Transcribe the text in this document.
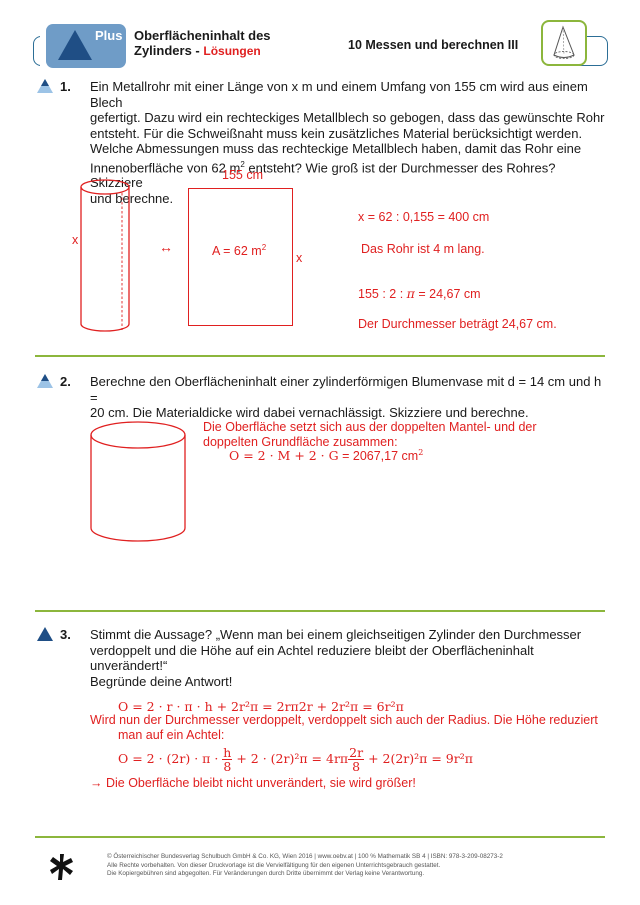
Plus Oberflächeninhalt des
Zylinders - Lösungen	10 Messen und berechnen III
1. Ein Metallrohr mit einer Länge von x m und einem Umfang von 155 cm wird aus einem Blech
gefertigt. Dazu wird ein rechteckiges Metallblech so gebogen, dass das gewünschte Rohr
entsteht. Für die Schweißnaht muss kein zusätzliches Material berücksichtigt werden.
Welche Abmessungen muss das rechteckige Metallblech haben, damit das Rohr eine
Innenoberfläche von 62 $m^2$ entsteht? Wie groß ist der Durchmesser des Rohres? Skizziere
und berechne.
x	↔
155 cm
A = 62 $m^2$
x
x = 62 : 0,155 = 400 cm
Das Rohr ist 4 m lang.
155 : 2 : π = 24,67 cm
Der Durchmesser beträgt 24,67 cm.
2. Berechne den Oberflächeninhalt einer zylinderförmigen Blumenvase mit d = 14 cm und h =
20 cm. Die Materialdicke wird dabei vernachlässigt. Skizziere und berechne.
Die Oberfläche setzt sich aus der doppelten Mantel- und der
doppelten Grundfläche zusammen:
O = 2 · M + 2 · G = 2067,17 $cm^2$
3. Stimmt die Aussage? „Wenn man bei einem gleichseitigen Zylinder den Durchmesser
verdoppelt und die Höhe auf ein Achtel reduziere bleibt der Oberflächeninhalt unverändert!“
Begründe deine Antwort!
O = 2 · r · π · h + 2r²π = 2rπ2r + 2r²π = 6r²π
Wird nun der Durchmesser verdoppelt, verdoppelt sich auch der Radius. Die Höhe reduziert
man auf ein Achtel:
$O = 2 \cdot (2r) \cdot \pi \cdot \frac{h}{8} + 2 \cdot (2r)^2\pi = 4r\pi \frac{2r}{8} + 2(2r)^2\pi = 9r^2\pi$
→ Die Oberfläche bleibt nicht unverändert, sie wird größer!
© Österreichischer Bundesverlag Schulbuch GmbH & Co. KG, Wien 2016 | www.oebv.at | 100 % Mathematik SB 4 | ISBN: 978-3-209-08273-2
Alle Rechte vorbehalten. Von dieser Druckvorlage ist die Vervielfältigung für den eigenen Unterrichtsgebrauch gestattet.
Die Kopiergebühren sind abgegolten. Für Veränderungen durch Dritte übernimmt der Verlag keine Verantwortung.
